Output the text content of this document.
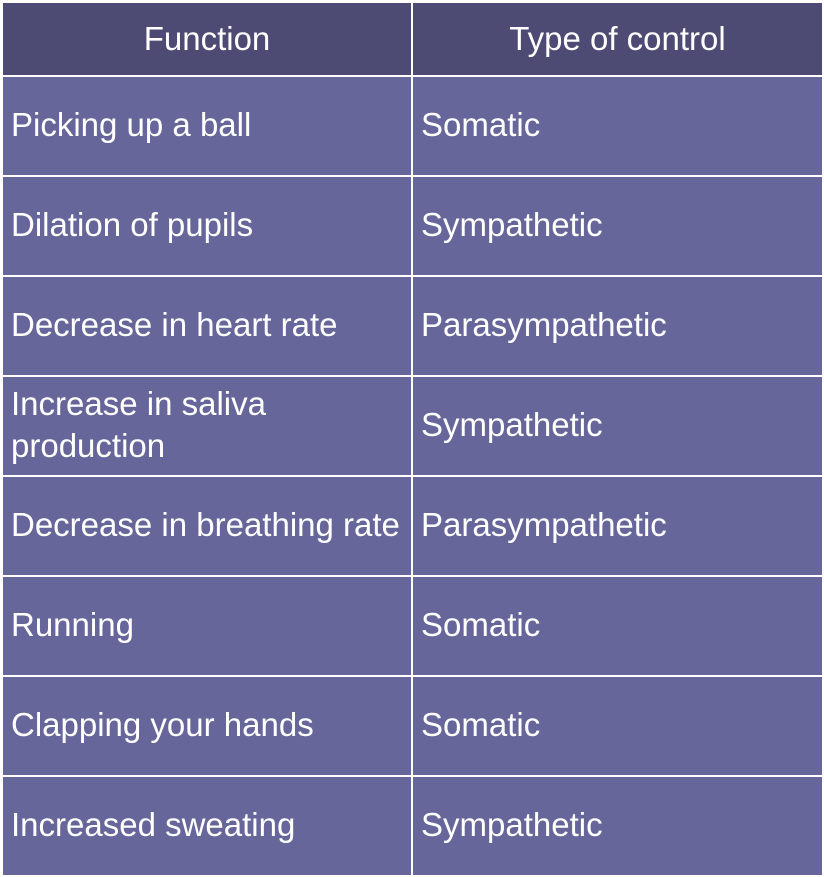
Function	Type of control
Picking up a ball	Somatic
Dilation of pupils	Sympathetic
Decrease in heart rate	Parasympathetic
Increase in saliva production	Sympathetic
Decrease in breathing rate	Parasympathetic
Running	Somatic
Clapping your hands	Somatic
Increased sweating	Sympathetic
